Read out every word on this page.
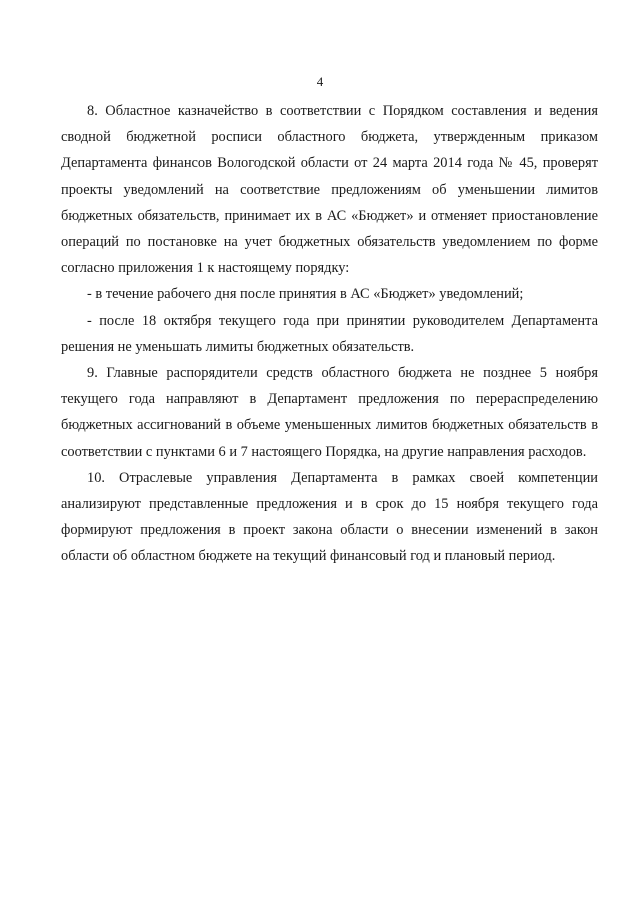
4

8. Областное казначейство в соответствии с Порядком составления и ведения сводной бюджетной росписи областного бюджета, утвержденным приказом Департамента финансов Вологодской области от 24 марта 2014 года № 45, проверят проекты уведомлений на соответствие предложениям об уменьшении лимитов бюджетных обязательств, принимает их в АС «Бюджет» и отменяет приостановление операций по постановке на учет бюджетных обязательств уведомлением по форме согласно приложения 1 к настоящему порядку:

- в течение рабочего дня после принятия в АС «Бюджет» уведомлений;

- после 18 октября текущего года при принятии руководителем Департамента решения не уменьшать лимиты бюджетных обязательств.

9. Главные распорядители средств областного бюджета не позднее 5 ноября текущего года направляют в Департамент предложения по перераспределению бюджетных ассигнований в объеме уменьшенных лимитов бюджетных обязательств в соответствии с пунктами 6 и 7 настоящего Порядка, на другие направления расходов.

10. Отраслевые управления Департамента в рамках своей компетенции анализируют представленные предложения и в срок до 15 ноября текущего года формируют предложения в проект закона области о внесении изменений в закон области об областном бюджете на текущий финансовый год и плановый период.
